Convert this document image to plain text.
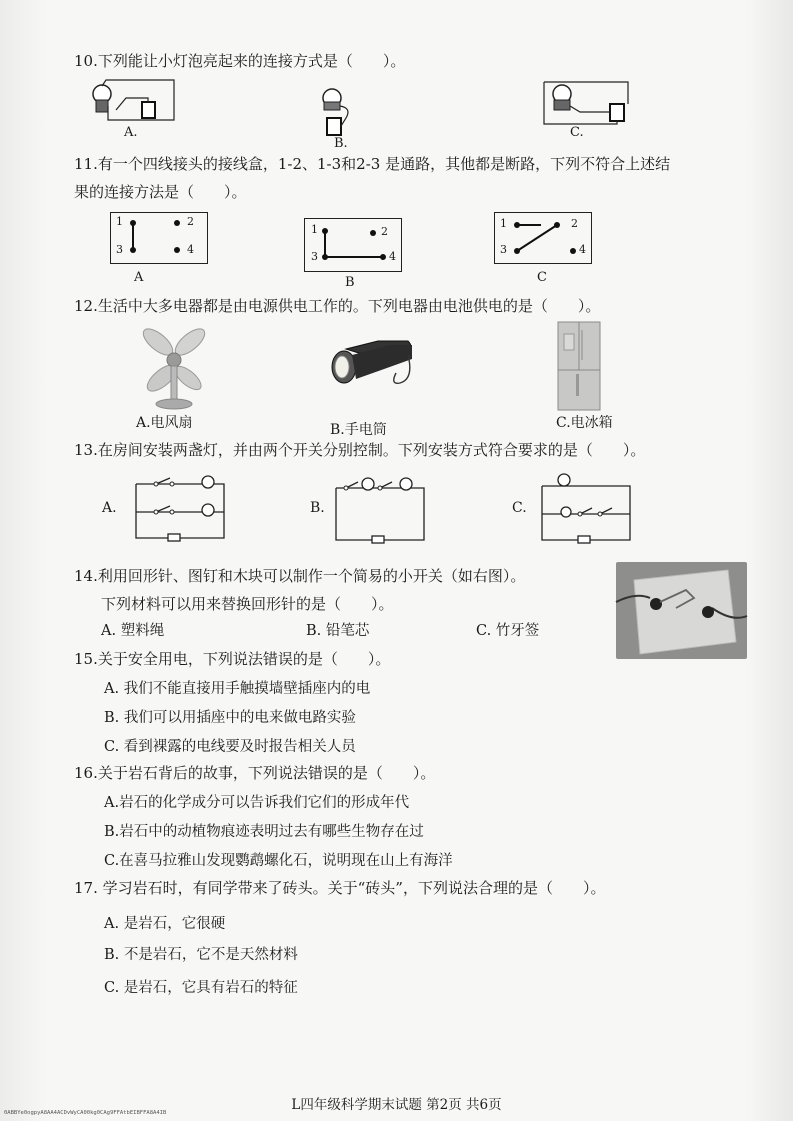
10.下列能让小灯泡亮起来的连接方式是（　　）。
A.
B.
C.
11.有一个四线接头的接线盒，1-2、1-3和2-3 是通路，其他都是断路，下列不符合上述结
果的连接方法是（　　）。
1	2
3	4
A
1	2
3	4
B
1	2
3	4
C
12.生活中大多电器都是由电源供电工作的。下列电器由电池供电的是（　　）。
A.电风扇	B.手电筒	C.电冰箱
13.在房间安装两盏灯，并由两个开关分别控制。下列安装方式符合要求的是（　　）。
A.	B.	C.
14.利用回形针、图钉和木块可以制作一个简易的小开关（如右图）。
下列材料可以用来替换回形针的是（　　）。
A. 塑料绳	B. 铅笔芯	C. 竹牙签
15.关于安全用电，下列说法错误的是（　　）。
A. 我们不能直接用手触摸墙壁插座内的电
B. 我们可以用插座中的电来做电路实验
C. 看到裸露的电线要及时报告相关人员
16.关于岩石背后的故事，下列说法错误的是（　　）。
A.岩石的化学成分可以告诉我们它们的形成年代
B.岩石中的动植物痕迹表明过去有哪些生物存在过
C.在喜马拉雅山发现鹦鹉螺化石，说明现在山上有海洋
17. 学习岩石时，有同学带来了砖头。关于“砖头”，下列说法合理的是（　　）。
A. 是岩石，它很硬
B. 不是岩石，它不是天然材料
C. 是岩石，它具有岩石的特征
L四年级科学期末试题 第2页 共6页
0ABBYe0ogpyA8AA4ACDvWyCA00kg0CAg9FFAtbEIBFFA8A4IB
